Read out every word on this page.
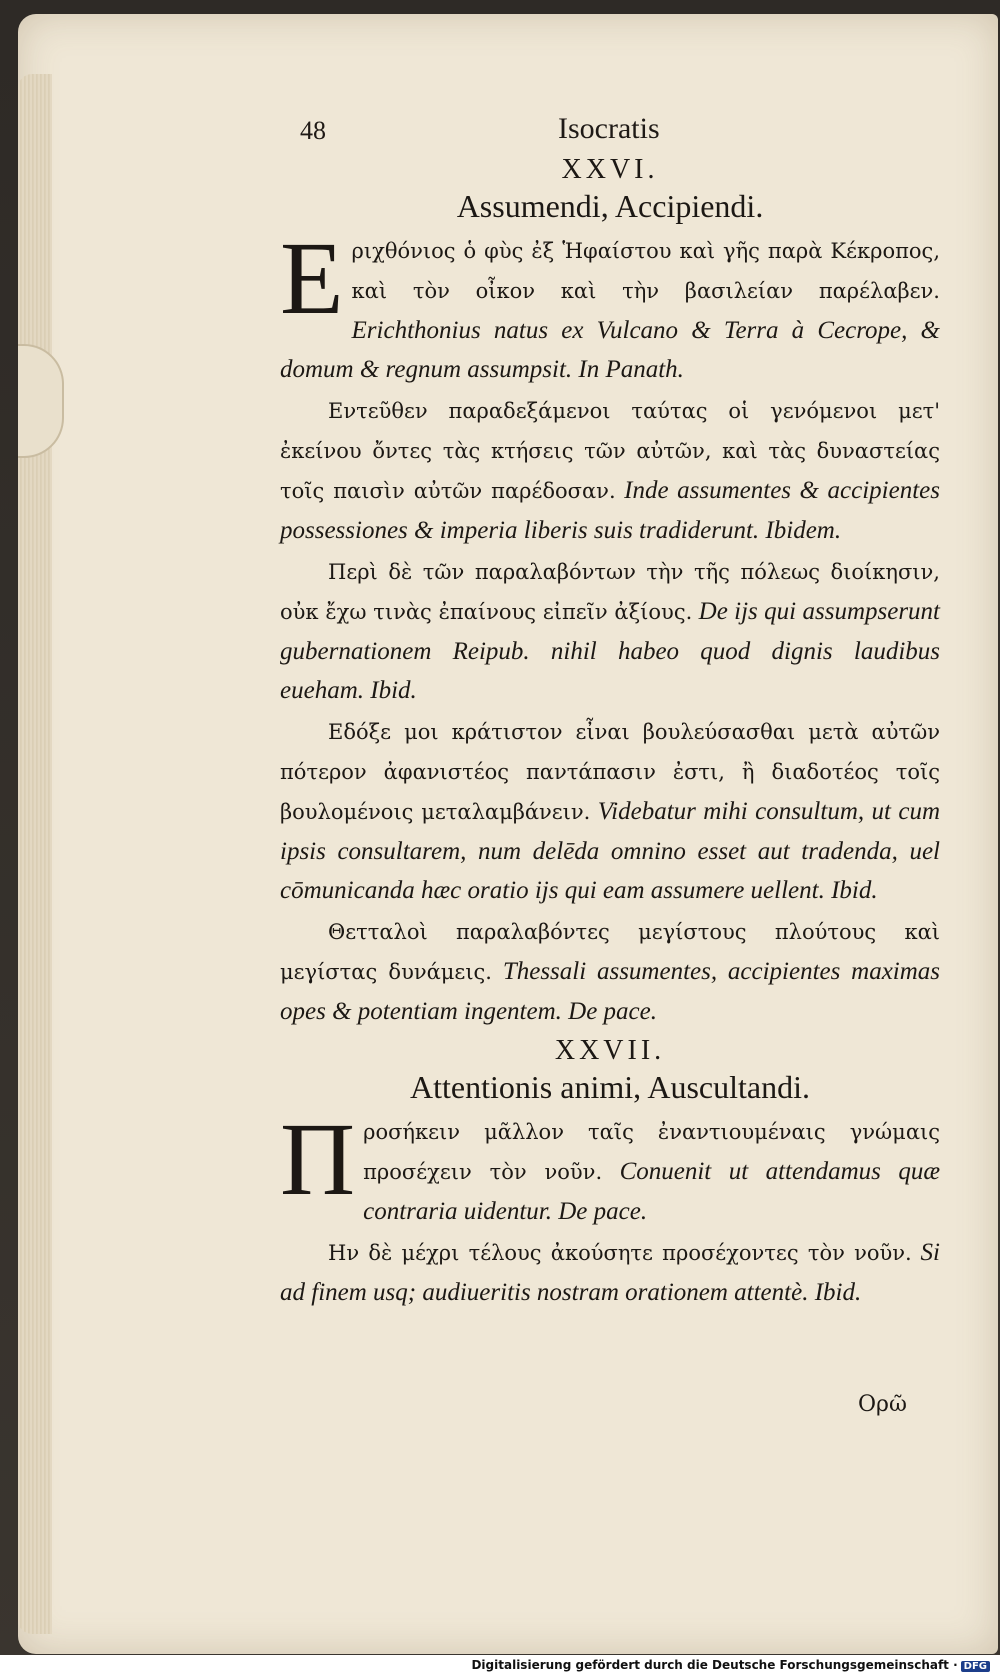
48	Isocratis
XXVI.
Assumendi, Accipiendi.

E ριχθόνιος ὁ φὺς ἐξ Ἡφαίστου καὶ γῆς παρὰ Κέκροπος, καὶ τὸν οἶκον καὶ τὴν βασιλείαν παρέλαβεν. Erichthonius natus ex Vulcano & Terra à Cecrope, & domum & regnum assumpsit. In Panath.

Εντεῦθεν παραδεξάμενοι ταύτας οἱ γενόμενοι μετ' ἐκείνου ὄντες τὰς κτήσεις τῶν αὐτῶν, καὶ τὰς δυναστείας τοῖς παισὶν αὐτῶν παρέδοσαν. Inde assumentes & accipientes possessiones & imperia liberis suis tradiderunt. Ibidem.

Περὶ δὲ τῶν παραλαβόντων τὴν τῆς πόλεως διοίκησιν, οὐκ ἔχω τινὰς ἐπαίνους εἰπεῖν ἀξίους. De ijs qui assumpserunt gubernationem Reipub. nihil habeo quod dignis laudibus eueham. Ibid.

Εδόξε μοι κράτιστον εἶναι βουλεύσασθαι μετὰ αὐτῶν πότερον ἀφανιστέος παντάπασιν ἐστι, ἢ διαδοτέος τοῖς βουλομένοις μεταλαμβάνειν. Videbatur mihi consultum, ut cum ipsis consultarem, num delēda omnino esset aut tradenda, uel cōmunicanda hæc oratio ijs qui eam assumere uellent. Ibid.

Θετταλοὶ παραλαβόντες μεγίστους πλούτους καὶ μεγίστας δυνάμεις. Thessali assumentes, accipientes maximas opes & potentiam ingentem. De pace.

XXVII.
Attentionis animi, Auscultandi.

Π ροσήκειν μᾶλλον ταῖς ἐναντιουμέναις γνώμαις προσέχειν τὸν νοῦν. Conuenit ut attendamus quæ contraria uidentur. De pace.

Ην δὲ μέχρι τέλους ἀκούσητε προσέχοντες τὸν νοῦν. Si ad finem usq; audiueritis nostram orationem attentè. Ibid.

Ορῶ
Digitalisierung gefördert durch die Deutsche Forschungsgemeinschaft · DFG
